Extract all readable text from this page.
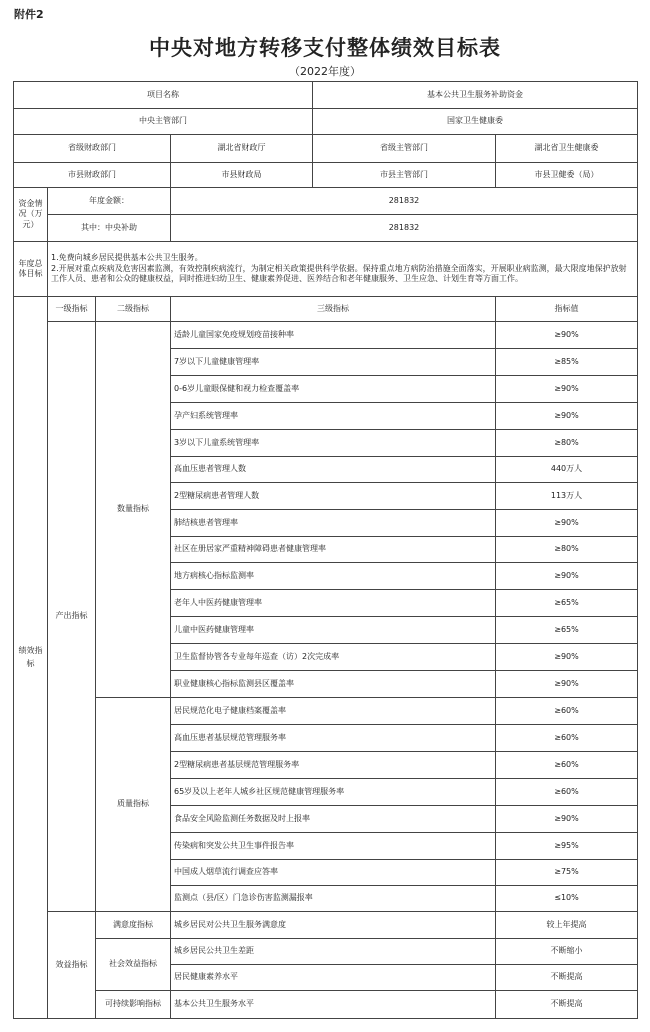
附件2
中央对地方转移支付整体绩效目标表
（2022年度）
项目名称				基本公共卫生服务补助资金	
中央主管部门				国家卫生健康委	
省级财政部门			湖北省财政厅	省级主管部门	湖北省卫生健康委
市县财政部门			市县财政局	市县主管部门	市县卫健委（局）
资金情况（万元）	年度金额：		281832		
	其中：中央补助		281832		
年度总体目标	1.免费向城乡居民提供基本公共卫生服务。
2.开展对重点疾病及危害因素监测，有效控制疾病流行，为制定相关政策提供科学依据。保持重点地方病防治措施全面落实，开展职业病监测，最大限度地保护放射工作人员、患者和公众的健康权益，同时推进妇幼卫生、健康素养促进、医养结合和老年健康服务、卫生应急、计划生育等方面工作。				

绩效指标	一级指标	二级指标	三级指标		指标值
	产出指标	数量指标	适龄儿童国家免疫规划疫苗接种率		≥90%
			7岁以下儿童健康管理率		≥85%
			0-6岁儿童眼保健和视力检查覆盖率		≥90%
			孕产妇系统管理率		≥90%
			3岁以下儿童系统管理率		≥80%
			高血压患者管理人数		440万人
			2型糖尿病患者管理人数		113万人
			肺结核患者管理率		≥90%
			社区在册居家严重精神障碍患者健康管理率		≥80%
			地方病核心指标监测率		≥90%
			老年人中医药健康管理率		≥65%
			儿童中医药健康管理率		≥65%
			卫生监督协管各专业每年巡查（访）2次完成率		≥90%
			职业健康核心指标监测县区覆盖率		≥90%
		质量指标	居民规范化电子健康档案覆盖率		≥60%
			高血压患者基层规范管理服务率		≥60%
			2型糖尿病患者基层规范管理服务率		≥60%
			65岁及以上老年人城乡社区规范健康管理服务率		≥60%
			食品安全风险监测任务数据及时上报率		≥90%
			传染病和突发公共卫生事件报告率		≥95%
			中国成人烟草流行调查应答率		≥75%
			监测点（县/区）门急诊伤害监测漏报率		≤10%
	效益指标	满意度指标	城乡居民对公共卫生服务满意度		较上年提高
		社会效益指标	城乡居民公共卫生差距		不断缩小
			居民健康素养水平		不断提高
		可持续影响指标	基本公共卫生服务水平		不断提高
